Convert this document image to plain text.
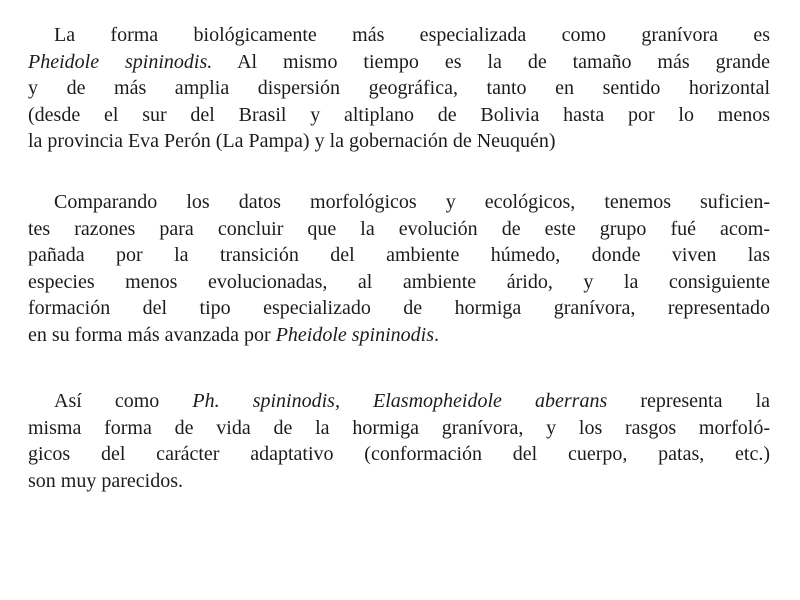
La forma biológicamente más especializada como granívora es
Pheidole spininodis. Al mismo tiempo es la de tamaño más grande
y de más amplia dispersión geográfica, tanto en sentido horizontal
(desde el sur del Brasil y altiplano de Bolivia hasta por lo menos
la provincia Eva Perón (La Pampa) y la gobernación de Neuquén)
Comparando los datos morfológicos y ecológicos, tenemos suficien-
tes razones para concluir que la evolución de este grupo fué acom-
pañada por la transición del ambiente húmedo, donde viven las
especies menos evolucionadas, al ambiente árido, y la consiguiente
formación del tipo especializado de hormiga granívora, representado
en su forma más avanzada por Pheidole spininodis.
Así como Ph. spininodis, Elasmopheidole aberrans representa la
misma forma de vida de la hormiga granívora, y los rasgos morfoló-
gicos del carácter adaptativo (conformación del cuerpo, patas, etc.)
son muy parecidos.
